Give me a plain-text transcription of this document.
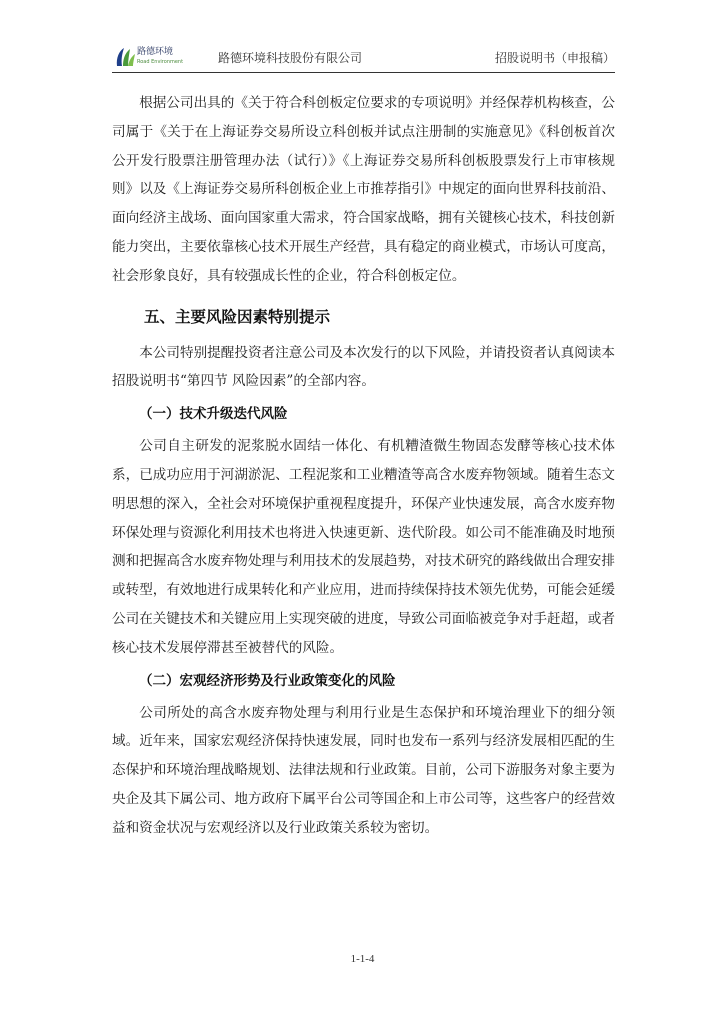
路德环境
Road Environment	路德环境科技股份有限公司	招股说明书（申报稿）

根据公司出具的《关于符合科创板定位要求的专项说明》并经保荐机构核查，公司属于《关于在上海证券交易所设立科创板并试点注册制的实施意见》《科创板首次公开发行股票注册管理办法（试行）》《上海证券交易所科创板股票发行上市审核规则》以及《上海证券交易所科创板企业上市推荐指引》中规定的面向世界科技前沿、面向经济主战场、面向国家重大需求，符合国家战略，拥有关键核心技术，科技创新能力突出，主要依靠核心技术开展生产经营，具有稳定的商业模式，市场认可度高，社会形象良好，具有较强成长性的企业，符合科创板定位。

五、主要风险因素特别提示

本公司特别提醒投资者注意公司及本次发行的以下风险，并请投资者认真阅读本招股说明书“第四节 风险因素”的全部内容。

（一）技术升级迭代风险

公司自主研发的泥浆脱水固结一体化、有机糟渣微生物固态发酵等核心技术体系，已成功应用于河湖淤泥、工程泥浆和工业糟渣等高含水废弃物领域。随着生态文明思想的深入，全社会对环境保护重视程度提升，环保产业快速发展，高含水废弃物环保处理与资源化利用技术也将进入快速更新、迭代阶段。如公司不能准确及时地预测和把握高含水废弃物处理与利用技术的发展趋势，对技术研究的路线做出合理安排或转型，有效地进行成果转化和产业应用，进而持续保持技术领先优势，可能会延缓公司在关键技术和关键应用上实现突破的进度，导致公司面临被竞争对手赶超，或者核心技术发展停滞甚至被替代的风险。

（二）宏观经济形势及行业政策变化的风险

公司所处的高含水废弃物处理与利用行业是生态保护和环境治理业下的细分领域。近年来，国家宏观经济保持快速发展，同时也发布一系列与经济发展相匹配的生态保护和环境治理战略规划、法律法规和行业政策。目前，公司下游服务对象主要为央企及其下属公司、地方政府下属平台公司等国企和上市公司等，这些客户的经营效益和资金状况与宏观经济以及行业政策关系较为密切。

1-1-4
